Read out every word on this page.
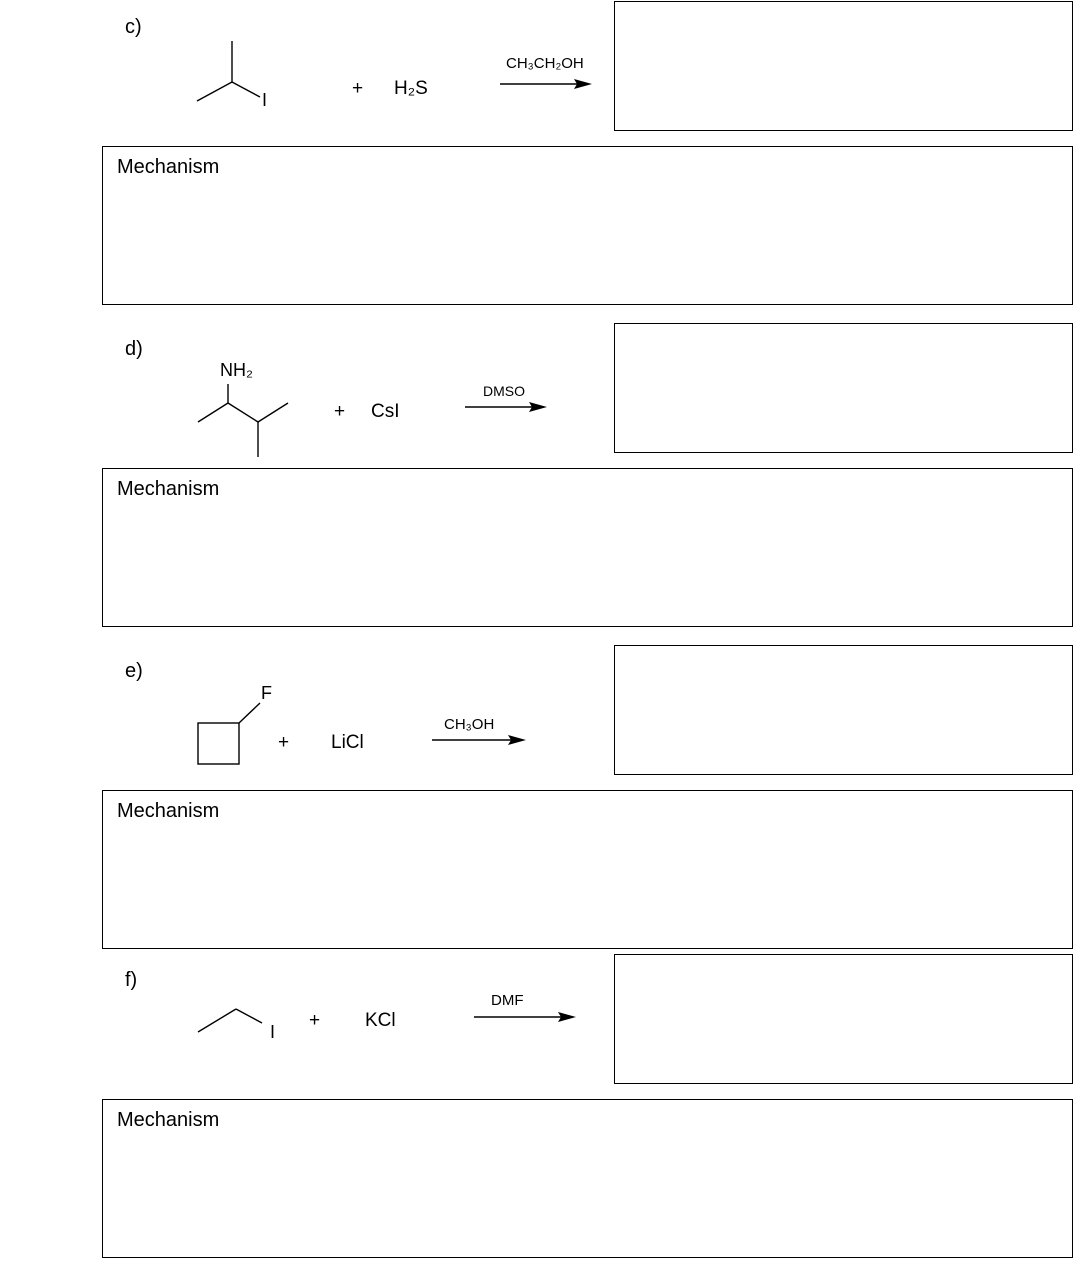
c)
I
+ H₂S
CH₃CH₂OH
Mechanism
d)
NH₂
+ CsI
DMSO
Mechanism
e)
F
+ LiCl
CH₃OH
Mechanism
f)
I
+ KCl
DMF
Mechanism
